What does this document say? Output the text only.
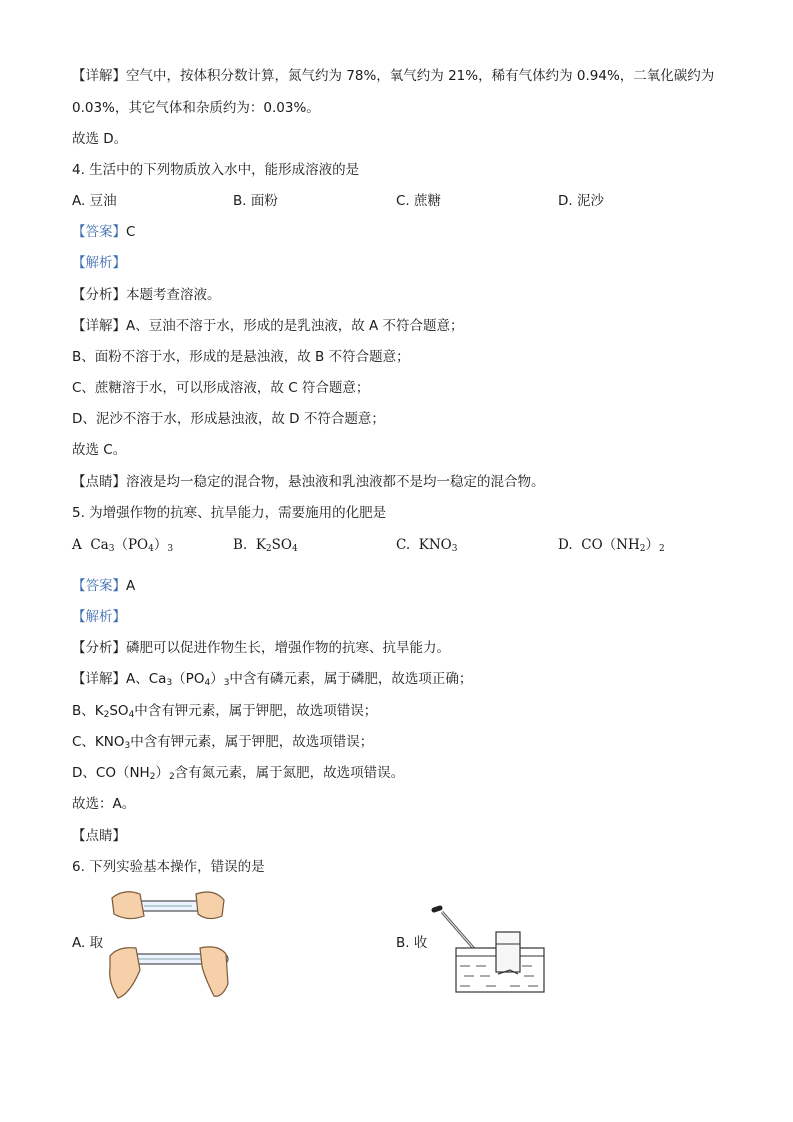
【详解】空气中，按体积分数计算，氮气约为 78%，氧气约为 21%，稀有气体约为 0.94%，二氧化碳约为
0.03%，其它气体和杂质约为：0.03%。
故选 D。
4. 生活中的下列物质放入水中，能形成溶液的是
A. 豆油	B. 面粉	C. 蔗糖	D. 泥沙
【答案】C
【解析】
【分析】本题考查溶液。
【详解】A、豆油不溶于水，形成的是乳浊液，故 A 不符合题意；
B、面粉不溶于水，形成的是悬浊液，故 B 不符合题意；
C、蔗糖溶于水，可以形成溶液，故 C 符合题意；
D、泥沙不溶于水，形成悬浊液，故 D 不符合题意；
故选 C。
【点睛】溶液是均一稳定的混合物，悬浊液和乳浊液都不是均一稳定的混合物。
5. 为增强作物的抗寒、抗旱能力，需要施用的化肥是
A $Ca_3(PO_4)_3$	B. $K_2SO_4$	C. $KNO_3$	D. $CO(NH_2)_2$
【答案】A
【解析】
【分析】磷肥可以促进作物生长，增强作物的抗寒、抗旱能力。
【详解】A、$Ca_3(PO_4)_3$中含有磷元素，属于磷肥，故选项正确；
B、$K_2SO_4$中含有钾元素，属于钾肥，故选项错误；
C、$KNO_3$中含有钾元素，属于钾肥，故选项错误；
D、$CO(NH_2)_2$含有氮元素，属于氮肥，故选项错误。
故选：A。
【点睛】
6. 下列实验基本操作，错误的是
A. 取	B. 收
